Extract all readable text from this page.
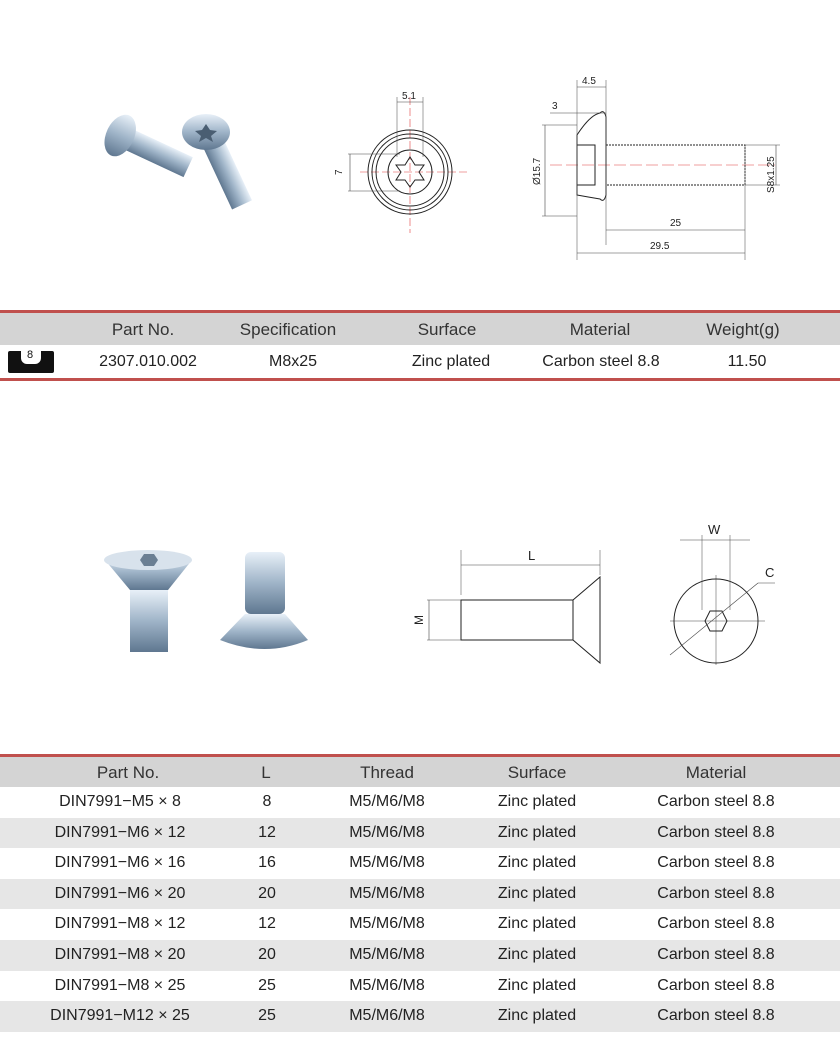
5.1
7
4.5
3
Ø15.7	S8x1.25
25
29.5
Part No.	Specification	Surface	Material	Weight(g)
8	2307.010.002	M8x25	Zinc plated	Carbon steel 8.8	11.50
L
M
W
C
Part No.	L	Thread	Surface	Material
DIN7991−M5 × 8	8	M5/M6/M8	Zinc plated	Carbon steel 8.8
DIN7991−M6 × 12	12	M5/M6/M8	Zinc plated	Carbon steel 8.8
DIN7991−M6 × 16	16	M5/M6/M8	Zinc plated	Carbon steel 8.8
DIN7991−M6 × 20	20	M5/M6/M8	Zinc plated	Carbon steel 8.8
DIN7991−M8 × 12	12	M5/M6/M8	Zinc plated	Carbon steel 8.8
DIN7991−M8 × 20	20	M5/M6/M8	Zinc plated	Carbon steel 8.8
DIN7991−M8 × 25	25	M5/M6/M8	Zinc plated	Carbon steel 8.8
DIN7991−M12 × 25	25	M5/M6/M8	Zinc plated	Carbon steel 8.8
